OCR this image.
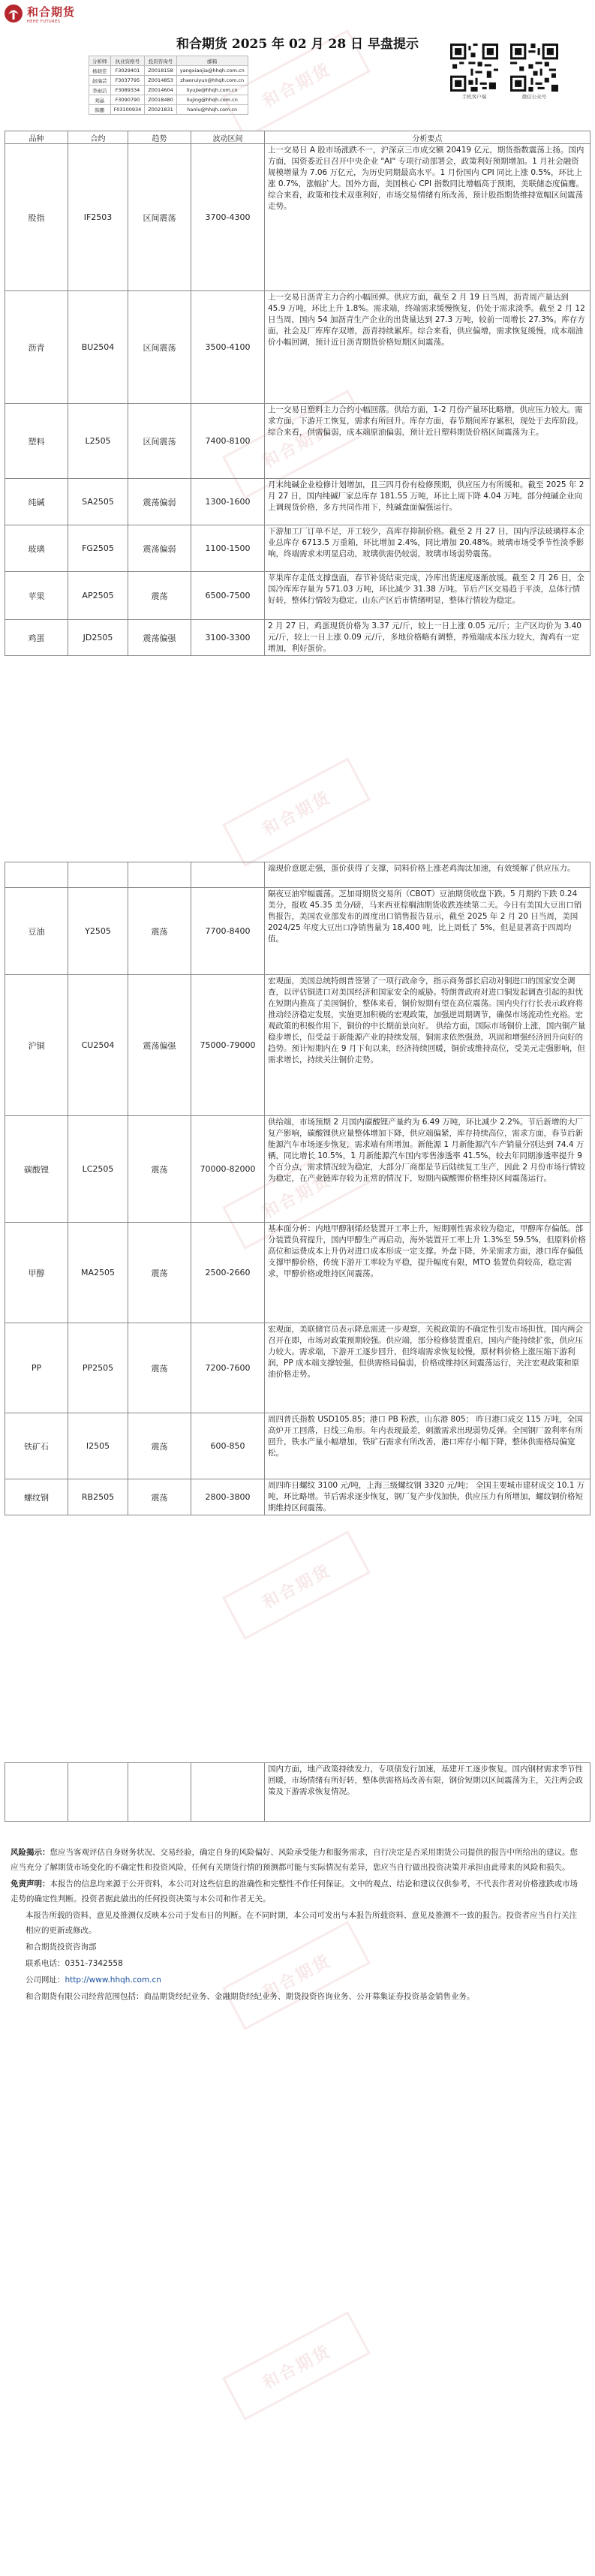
和合期货
和合期货
和合期货
和合期货
和合期货
和合期货
和合期货
和合期货
HEHE FUTURES
和合期货 2025 年 02 月 28 日 早盘提示
分析师	执业资格号	投资咨询号	邮箱
杨晓佳	F3029401	Z0018158	yangxiaojia@hhqh.com.cn
赵瑞芸	F3037795	Z0014853	zhaoruiyun@hhqh.com.cn
李雨洁	F3089334	Z0014604	liyujie@hhqh.com.cn
刘晶	F3090790	Z0018480	liujing@hhqh.com.cn
韩鹏	F03100934	Z0021831	hanlu@hhqh.com.cn
手机客户端	微信公众号
品种	合约	趋势	波动区间	分析要点
股指	IF2503	区间震荡	3700-4300	上一交易日 A 股市场涨跌不一，沪深京三市成交额 20419 亿元，期货指数震荡上扬。国内方面，国资委近日召开中央企业 "AI" 专项行动部署会，政策利好预期增加。1 月社会融资规模增量为 7.06 万亿元，为历史同期最高水平。1 月份国内 CPI 同比上涨 0.5%，环比上涨 0.7%，涨幅扩大。国外方面，美国核心 CPI 指数同比增幅高于预期，美联储态度偏鹰。综合来看，政策和技术双重利好，市场交易情绪有所改善，预计股指期货维持宽幅区间震荡走势。
沥青	BU2504	区间震荡	3500-4100	上一交易日沥青主力合约小幅回弹。供应方面，截至 2 月 19 日当周，沥青周产量达到 45.9 万吨，环比上升 1.8%。需求端，终端需求缓慢恢复，仍处于需求淡季。截至 2 月 12 日当周，国内 54 加沥青生产企业的出货量达到 27.3 万吨，较前一周增长 27.3%。库存方面，社会及厂库库存双增，沥青持续累库。综合来看，供应偏增，需求恢复缓慢，成本端油价小幅回调，预计近日沥青期货价格短期区间震荡。
塑料	L2505	区间震荡	7400-8100	上一交易日塑料主力合约小幅回落。供给方面，1-2 月份产量环比略增，供应压力较大。需求方面，下游开工恢复，需求有所回升。库存方面，春节期间库存累积，现处于去库阶段。综合来看，供需偏弱，成本端原油偏弱，预计近日塑料期货价格区间震荡为主。
纯碱	SA2505	震荡偏弱	1300-1600	月末纯碱企业检修计划增加，且三四月份有检修预期，供应压力有所缓和。截至 2025 年 2 月 27 日，国内纯碱厂家总库存 181.55 万吨，环比上周下降 4.04 万吨。部分纯碱企业向上调现货价格，多方共同作用下，纯碱盘面偏强运行。
玻璃	FG2505	震荡偏弱	1100-1500	下游加工厂订单不足，开工较少，高库存抑制价格。截至 2 月 27 日，国内浮法玻璃样本企业总库存 6713.5 万重箱，环比增加 2.4%，同比增加 20.48%。玻璃市场受季节性淡季影响，终端需求未明显启动，玻璃供需仍较弱，玻璃市场弱势震荡。
苹果	AP2505	震荡	6500-7500	苹果库存走低支撑盘面，春节补货结束完成，冷库出货速度逐渐放缓。截至 2 月 26 日，全国冷库库存量为 571.03 万吨，环比减少 31.38 万吨。节后产区交易趋于平淡，总体行情好转，整体行情较为稳定。山东产区后市情绪明显，整体行情较为稳定。
鸡蛋	JD2505	震荡偏强	3100-3300	2 月 27 日，鸡蛋现货价格为 3.37 元/斤，较上一日上涨 0.05 元/斤；主产区均价为 3.40 元/斤，较上一日上涨 0.09 元/斤，多地价格略有调整，养殖端成本压力较大，淘鸡有一定增加，利好蛋价。
				端现价意愿走强，蛋价获得了支撑，同料价格上涨老鸡淘汰加速，有效缓解了供应压力。
豆油	Y2505	震荡	7700-8400	隔夜豆油窄幅震荡。芝加哥期货交易所（CBOT）豆油期货收盘下跌。5 月期约下跌 0.24 美分，报收 45.35 美分/磅，马来西亚棕榈油期货收跌连续第二天。今日有美国大豆出口销售报告，美国农业部发布的周度出口销售报告显示，截至 2025 年 2 月 20 日当周，美国 2024/25 年度大豆出口净销售量为 18,400 吨，比上周低了 5%，但是显著高于四周均值。
沪铜	CU2504	震荡偏强	75000-79000	宏观面，美国总统特朗普签署了一项行政命令，指示商务部长启动对铜进口的国家安全调查，以评估铜进口对美国经济和国家安全的威胁。特朗普政府对进口铜发起调查引起的担忧在短期内推高了美国铜价，整体来看，铜价短期有望在高位震荡。国内央行行长表示政府将推动经济稳定发展，实施更加积极的宏观政策，加强逆周期调节，确保市场流动性充裕。宏观政策的积极作用下，铜价的中长期前景向好。 供给方面，国际市场铜价上涨，国内铜产量稳步增长，但受益于新能源产业的持续发展，铜需求依然强劲，巩固和增强经济回升向好的趋势。预计短期内在 9 月下旬以来，经济持续回暖，铜价或维持高位，受美元走强影响，但需求增长，持续关注铜价走势。
碳酸锂	LC2505	震荡	70000-82000	供给端，市场预期 2 月国内碳酸锂产量约为 6.49 万吨，环比减少 2.2%。节后新增的大厂复产影响，碳酸锂供应量整体增加下降，供应端偏紧，库存持续高位，需求方面，春节后新能源汽车市场逐步恢复，需求端有所增加。新能源 1 月新能源汽车产销量分别达到 74.4 万辆，同比增长 10.5%，1 月新能源汽车国内零售渗透率 41.5%，较去年同期渗透率提升 9 个百分点，需求情况较为稳定，大部分厂商都是节后陆续复工生产，因此 2 月份市场行情较为稳定，在产业链库存较为正常的情况下，短期内碳酸锂价格维持区间震荡运行。
甲醇	MA2505	震荡	2500-2660	基本面分析：内地甲醇制烯烃装置开工率上升，短期刚性需求较为稳定，甲醇库存偏低。部分装置负荷提升，国内甲醇生产再启动，海外装置开工率上升 1.3%至 59.5%，但原料价格高位和运费成本上升仍对进口成本形成一定支撑。外盘下降，外采需求方面，港口库存偏低支撑甲醇价格，传统下游开工率较为平稳，提升幅度有限，MTO 装置负荷较高，稳定需求，甲醇价格或维持区间震荡。
PP	PP2505	震荡	7200-7600	宏观面，美联储官员表示降息需进一步观察，关税政策的不确定性引发市场担忧，国内两会召开在即，市场对政策预期较强。供应端，部分检修装置重启，国内产能持续扩张，供应压力较大。需求端，下游开工逐步回升，但终端需求恢复较慢，原材料价格上涨压缩下游利润，PP 成本端支撑较强，但供需格局偏弱，价格或维持区间震荡运行，关注宏观政策和原油价格走势。
铁矿石	I2505	震荡	600-850	周四普氏指数 USD105.85；港口 PB 粉跌，山东港 805； 昨日港口成交 115 万吨，全国高炉开工回落，日线三角形。年内表现最差，刺激需求出现弱势反弹。全国钢厂盈利率有所回升，铁水产量小幅增加，铁矿石需求有所改善，港口库存小幅下降，整体供需格局偏宽松。
螺纹钢	RB2505	震荡	2800-3800	周四昨日螺纹 3100 元/吨，上海三级螺纹钢 3320 元/吨； 全国主要城市建材成交 10.1 万吨，环比略增。节后需求逐步恢复，钢厂复产步伐加快，供应压力有所增加，螺纹钢价格短期维持区间震荡。
				国内方面，地产政策持续发力，专项债发行加速，基建开工逐步恢复。国内钢材需求季节性回暖，市场情绪有所好转，整体供需格局改善有限，钢价短期以区间震荡为主，关注两会政策及下游需求恢复情况。

风险揭示：您应当客观评估自身财务状况、交易经验，确定自身的风险偏好、风险承受能力和服务需求，自行决定是否采用期货公司提供的报告中所给出的建议。您应当充分了解期货市场变化的不确定性和投资风险，任何有关期货行情的预测都可能与实际情况有差异，您应当自行做出投资决策并承担由此带来的风险和损失。

免责声明：本报告的信息均来源于公开资料，本公司对这些信息的准确性和完整性不作任何保证。文中的观点、结论和建议仅供参考，不代表作者对价格涨跌或市场走势的确定性判断。投资者据此做出的任何投资决策与本公司和作者无关。

本报告所载的资料、意见及推测仅反映本公司于发布日的判断。在不同时期，本公司可发出与本报告所载资料、意见及推测不一致的报告。投资者应当自行关注相应的更新或修改。

和合期货投资咨询部

联系电话：0351-7342558

公司网址：http://www.hhqh.com.cn

和合期货有限公司经营范围包括：商品期货经纪业务、金融期货经纪业务、期货投资咨询业务、公开募集证券投资基金销售业务。
